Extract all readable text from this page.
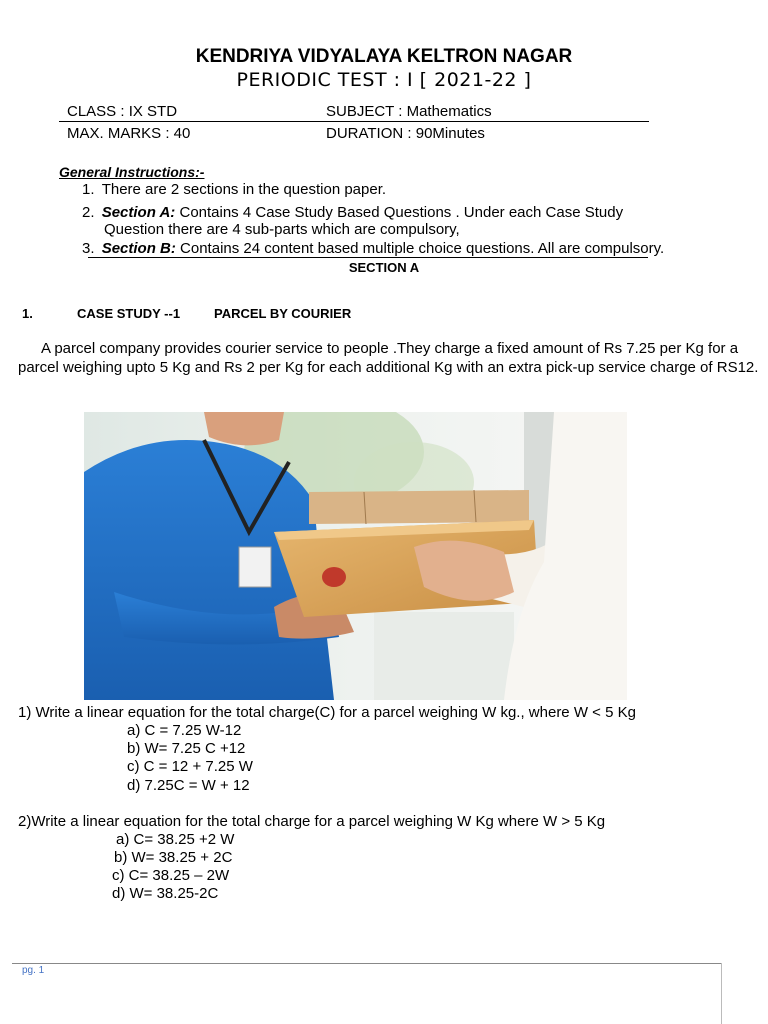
KENDRIYA VIDYALAYA KELTRON NAGAR
PERIODIC TEST : I [ 2021-22 ]
CLASS : IX STD	SUBJECT : Mathematics
MAX. MARKS : 40	DURATION : 90Minutes
General Instructions:-
1. There are 2 sections in the question paper.
2. Section A: Contains 4 Case Study Based Questions . Under each Case Study
Question there are 4 sub-parts which are compulsory,
3. Section B: Contains 24 content based multiple choice questions. All are compulsory.
SECTION A
1.	CASE STUDY --1	PARCEL BY COURIER
A parcel company provides courier service to people .They charge a fixed amount of Rs 7.25 per Kg for a parcel weighing upto 5 Kg and Rs 2 per Kg for each additional Kg with an extra pick-up service charge of RS12.
1) Write a linear equation for the total charge(C) for a parcel weighing W kg., where W < 5 Kg
a) C = 7.25 W-12
b) W= 7.25 C +12
c) C = 12 + 7.25 W
d) 7.25C = W + 12
2)Write a linear equation for the total charge for a parcel weighing W Kg where W > 5 Kg
a) C= 38.25 +2 W
b) W= 38.25 + 2C
c) C= 38.25 – 2W
d) W= 38.25-2C
pg. 1
